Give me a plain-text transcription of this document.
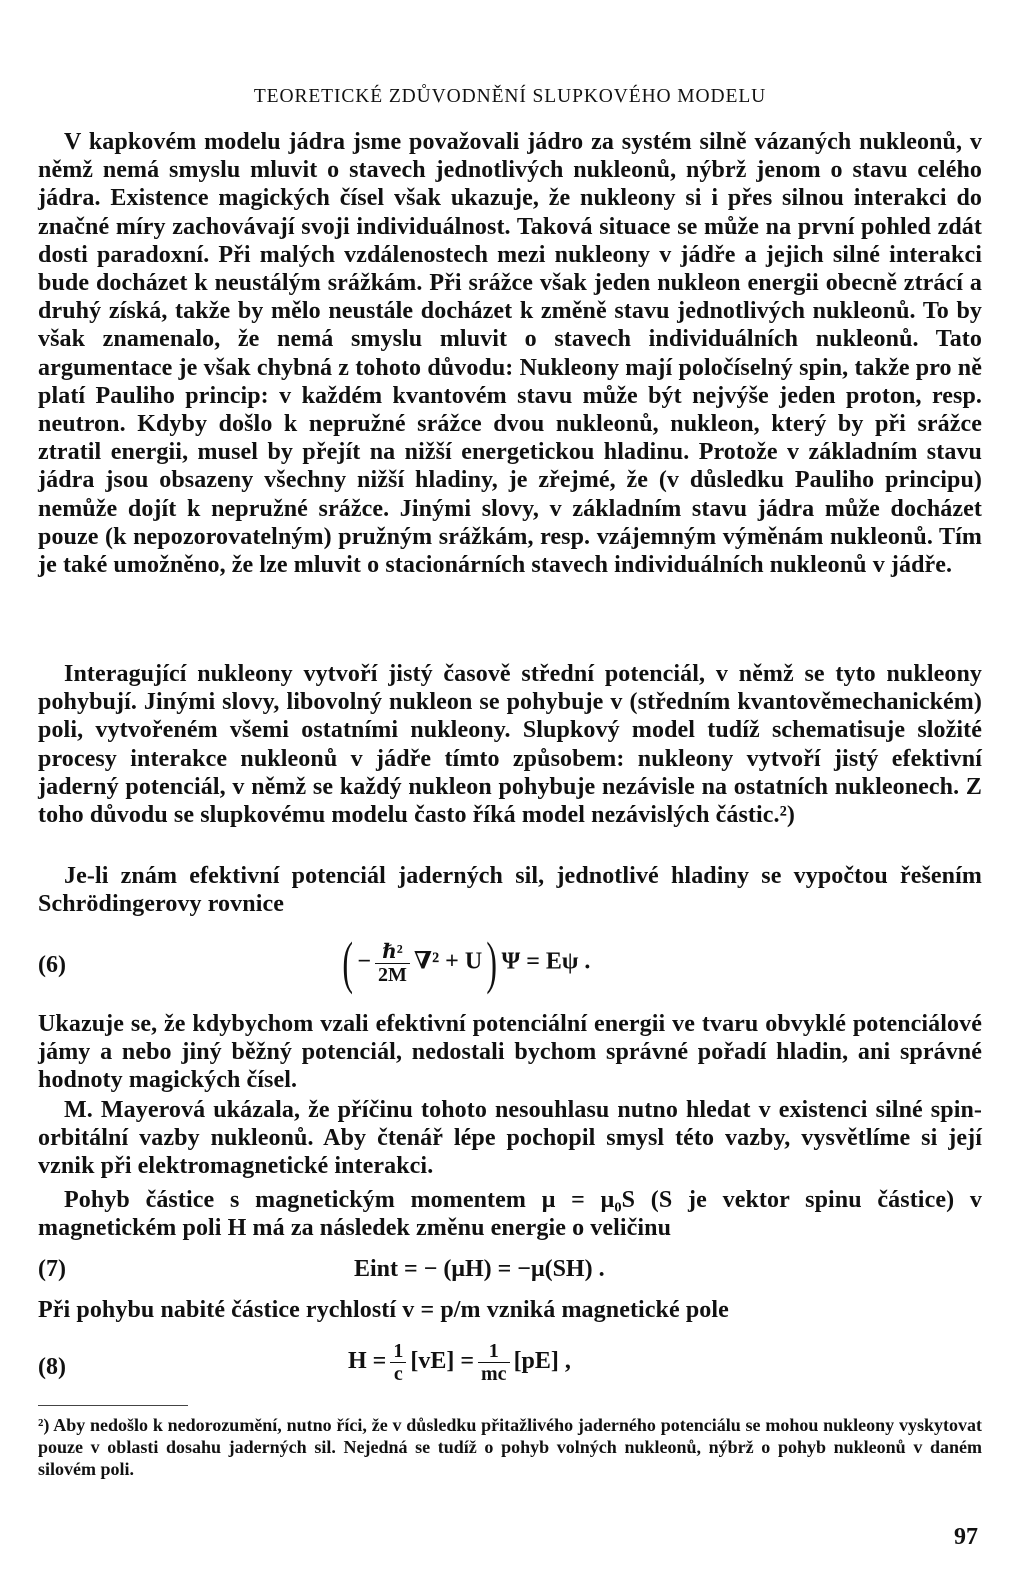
TEORETICKÉ ZDŮVODNĚNÍ SLUPKOVÉHO MODELU

V kapkovém modelu jádra jsme považovali jádro za systém silně vázaných nukleonů, v němž nemá smyslu mluvit o stavech jednotlivých nukleonů, nýbrž jenom o stavu celého jádra. Existence magických čísel však ukazuje, že nukleony si i přes silnou interakci do značné míry zachovávají svoji individuálnost. Taková situace se může na první pohled zdát dosti paradoxní. Při malých vzdálenostech mezi nukleony v jádře a jejich silné interakci bude docházet k neustálým srážkám. Při srážce však jeden nukleon energii obecně ztrácí a druhý získá, takže by mělo neustále docházet k změně stavu jednotlivých nukleonů. To by však znamenalo, že nemá smyslu mluvit o stavech individuálních nukleonů. Tato argumentace je však chybná z tohoto důvodu: Nukleony mají poločíselný spin, takže pro ně platí Pauliho princip: v každém kvantovém stavu může být nejvýše jeden proton, resp. neutron. Kdyby došlo k nepružné srážce dvou nukleonů, nukleon, který by při srážce ztratil energii, musel by přejít na nižší energetickou hladinu. Protože v základním stavu jádra jsou obsazeny všechny nižší hladiny, je zřejmé, že (v důsledku Pauliho principu) nemůže dojít k nepružné srážce. Jinými slovy, v základním stavu jádra může docházet pouze (k nepozorovatelným) pružným srážkám, resp. vzájemným výměnám nukleonů. Tím je také umožněno, že lze mluvit o stacionárních stavech individuálních nukleonů v jádře.

Interagující nukleony vytvoří jistý časově střední potenciál, v němž se tyto nukleony pohybují. Jinými slovy, libovolný nukleon se pohybuje v (středním kvantověmechanickém) poli, vytvořeném všemi ostatními nukleony. Slupkový model tudíž schematisuje složité procesy interakce nukleonů v jádře tímto způsobem: nukleony vytvoří jistý efektivní jaderný potenciál, v němž se každý nukleon pohybuje nezávisle na ostatních nukleonech. Z toho důvodu se slupkovému modelu často říká model nezávislých částic.²)

Je-li znám efektivní potenciál jaderných sil, jednotlivé hladiny se vypočtou řešením Schrödingerovy rovnice

(6)	( − $\frac{\text{ℏ²}}{2M} \nabla^2 + U$) Ψ = Eψ .

Ukazuje se, že kdybychom vzali efektivní potenciální energii ve tvaru obvyklé potenciálové jámy a nebo jiný běžný potenciál, nedostali bychom správné pořadí hladin, ani správné hodnoty magických čísel.

M. Mayerová ukázala, že příčinu tohoto nesouhlasu nutno hledat v existenci silné spin-orbitální vazby nukleonů. Aby čtenář lépe pochopil smysl této vazby, vysvětlíme si její vznik při elektromagnetické interakci.

Pohyb částice s magnetickým momentem μ = μ₀S (S je vektor spinu částice) v magnetickém poli H má za následek změnu energie o veličinu

(7)	Eint = − (μH) = −μ(SH) .

Při pohybu nabité částice rychlostí v = p/m vzniká magnetické pole

(8)	$H = \frac{1}{c} [vE] = \frac{1}{mc} [pE]$ ,

²) Aby nedošlo k nedorozumění, nutno říci, že v důsledku přitažlivého jaderného potenciálu se mohou nukleony vyskytovat pouze v oblasti dosahu jaderných sil. Nejedná se tudíž o pohyb volných nukleonů, nýbrž o pohyb nukleonů v daném silovém poli.

97
